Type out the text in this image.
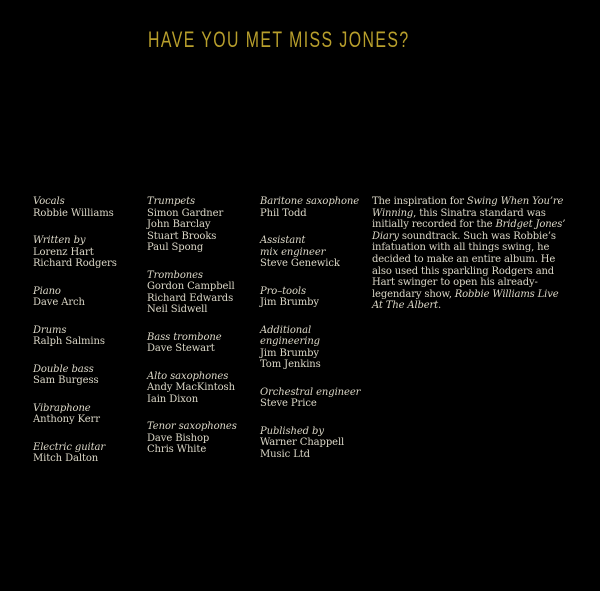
HAVE YOU MET MISS JONES?
Vocals
Robbie Williams
Written by
Lorenz Hart
Richard Rodgers
Piano
Dave Arch
Drums
Ralph Salmins
Double bass
Sam Burgess
Vibraphone
Anthony Kerr
Electric guitar
Mitch Dalton
Trumpets
Simon Gardner
John Barclay
Stuart Brooks
Paul Spong
Trombones
Gordon Campbell
Richard Edwards
Neil Sidwell
Bass trombone
Dave Stewart
Alto saxophones
Andy MacKintosh
Iain Dixon
Tenor saxophones
Dave Bishop
Chris White
Baritone saxophone
Phil Todd
Assistant
mix engineer
Steve Genewick
Pro–tools
Jim Brumby
Additional
engineering
Jim Brumby
Tom Jenkins
Orchestral engineer
Steve Price
Published by
Warner Chappell
Music Ltd
The inspiration for Swing When You’re Winning, this Sinatra standard was initially recorded for the Bridget Jones’ Diary soundtrack. Such was Robbie’s infatuation with all things swing, he decided to make an entire album. He also used this sparkling Rodgers and Hart swinger to open his already-legendary show, Robbie Williams Live At The Albert.
